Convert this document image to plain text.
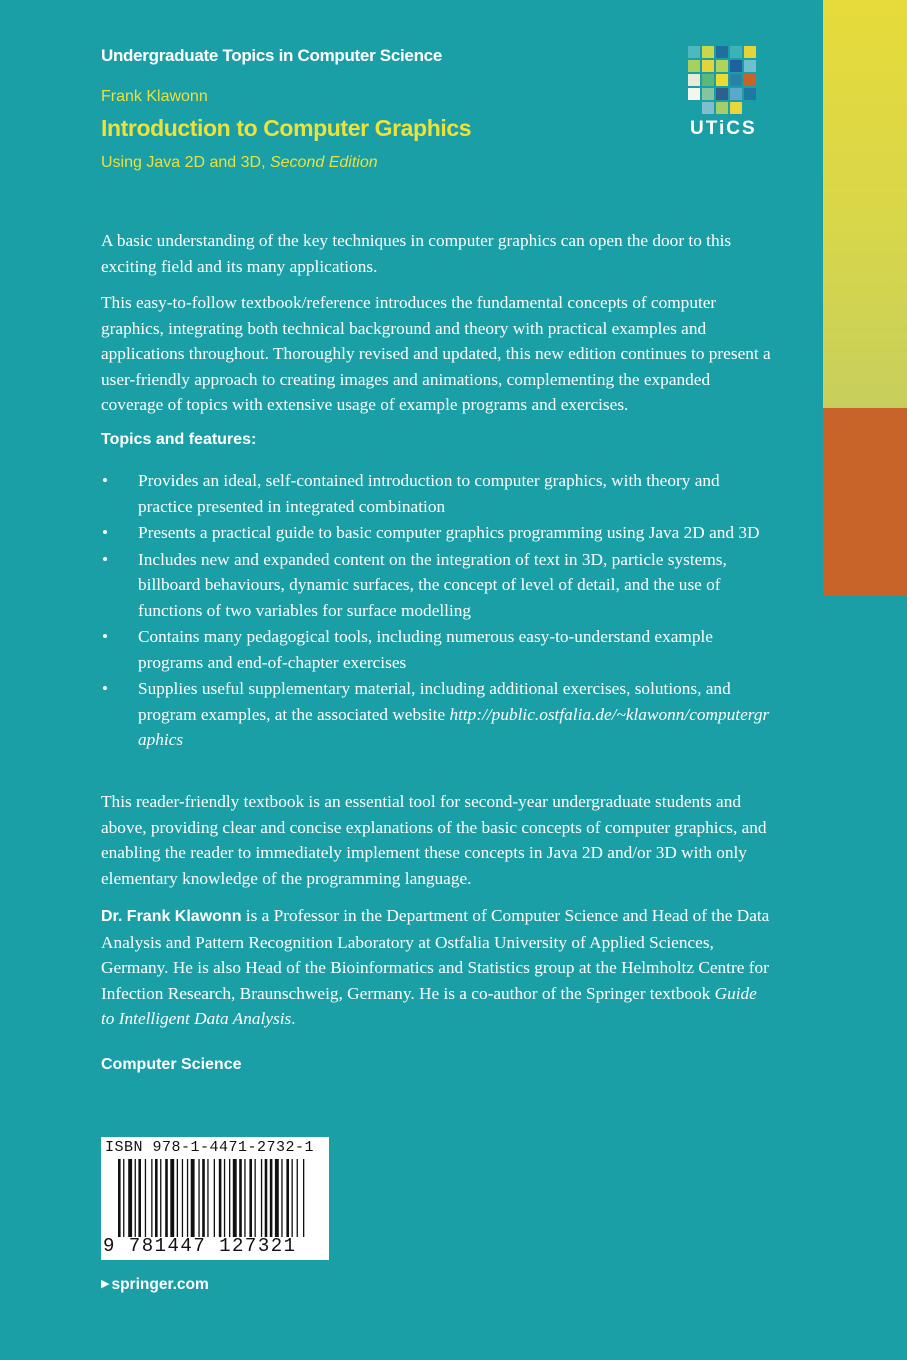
Undergraduate Topics in Computer Science
Frank Klawonn
Introduction to Computer Graphics
Using Java 2D and 3D, Second Edition
UTiCS

A basic understanding of the key techniques in computer graphics can open the door to this exciting field and its many applications.

This easy-to-follow textbook/reference introduces the fundamental concepts of computer graphics, integrating both technical background and theory with practical examples and applications throughout. Thoroughly revised and updated, this new edition continues to present a user-friendly approach to creating images and animations, complementing the expanded coverage of topics with extensive usage of example programs and exercises.

Topics and features:
• Provides an ideal, self-contained introduction to computer graphics, with theory and practice presented in integrated combination
• Presents a practical guide to basic computer graphics programming using Java 2D and 3D
• Includes new and expanded content on the integration of text in 3D, particle systems, billboard behaviours, dynamic surfaces, the concept of level of detail, and the use of functions of two variables for surface modelling
• Contains many pedagogical tools, including numerous easy-to-understand example programs and end-of-chapter exercises
• Supplies useful supplementary material, including additional exercises, solutions, and program examples, at the associated website http://public.ostfalia.de/~klawonn/computergraphics

This reader-friendly textbook is an essential tool for second-year undergraduate students and above, providing clear and concise explanations of the basic concepts of computer graphics, and enabling the reader to immediately implement these concepts in Java 2D and/or 3D with only elementary knowledge of the programming language.

Dr. Frank Klawonn is a Professor in the Department of Computer Science and Head of the Data Analysis and Pattern Recognition Laboratory at Ostfalia University of Applied Sciences, Germany. He is also Head of the Bioinformatics and Statistics group at the Helmholtz Centre for Infection Research, Braunschweig, Germany. He is a co-author of the Springer textbook Guide to Intelligent Data Analysis.

Computer Science
ISBN 978-1-4471-2732-1
9 781447 127321
▶ springer.com
